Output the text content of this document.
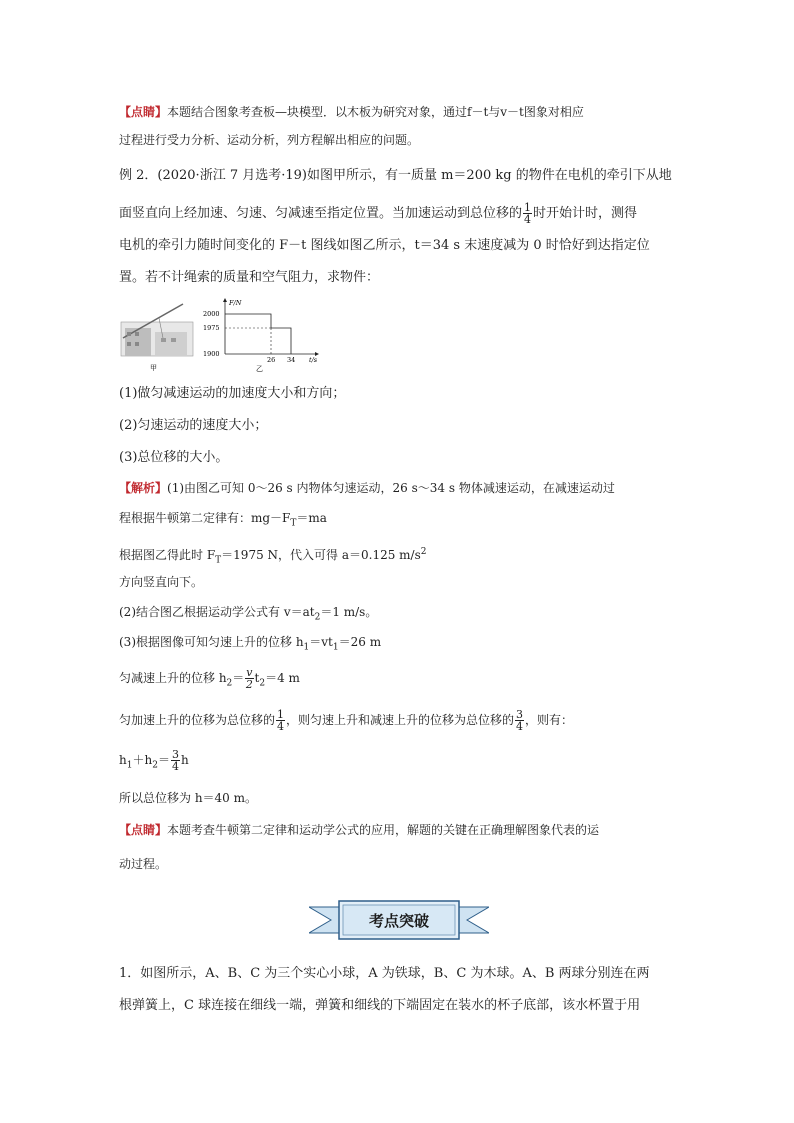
【点睛】本题结合图象考查板—块模型．以木板为研究对象，通过f－t与v－t图象对相应
过程进行受力分析、运动分析，列方程解出相应的问题。
例 2．(2020·浙江 7 月选考·19)如图甲所示，有一质量 m＝200 kg 的物件在电机的牵引下从地
面竖直向上经加速、匀速、匀减速至指定位置。当加速运动到总位移的 $\frac{1}{4}$ 时开始计时，测得
电机的牵引力随时间变化的 F－t 图线如图乙所示，t＝34 s 末速度减为 0 时恰好到达指定位
置。若不计绳索的质量和空气阻力，求物件：
甲
F/N
2000
1975
1900
26 34 t/s
乙
(1)做匀减速运动的加速度大小和方向；
(2)匀速运动的速度大小；
(3)总位移的大小。
【解析】(1)由图乙可知 0～26 s 内物体匀速运动，26 s～34 s 物体减速运动，在减速运动过
程根据牛顿第二定律有：$mg-F_T=ma$
根据图乙得此时 $F_T=1975$ N，代入可得 a＝0.125 $m/s^2$
方向竖直向下。
(2)结合图乙根据运动学公式有 $v=at_2=1$ m/s。
(3)根据图像可知匀速上升的位移 $h_1=vt_1=26$ m
匀减速上升的位移 $h_2= \frac{v}{2} t_2=4$ m
匀加速上升的位移为总位移的 $\frac{1}{4}$ ，则匀速上升和减速上升的位移为总位移的 $\frac{3}{4}$ ，则有：
$h_1+h_2= \frac{3}{4}$ h
所以总位移为 h＝40 m。
【点睛】本题考查牛顿第二定律和运动学公式的应用，解题的关键在正确理解图象代表的运
动过程。
考点突破
1．如图所示，A、B、C 为三个实心小球，A 为铁球，B、C 为木球。A、B 两球分别连在两
根弹簧上，C 球连接在细线一端，弹簧和细线的下端固定在装水的杯子底部，该水杯置于用
